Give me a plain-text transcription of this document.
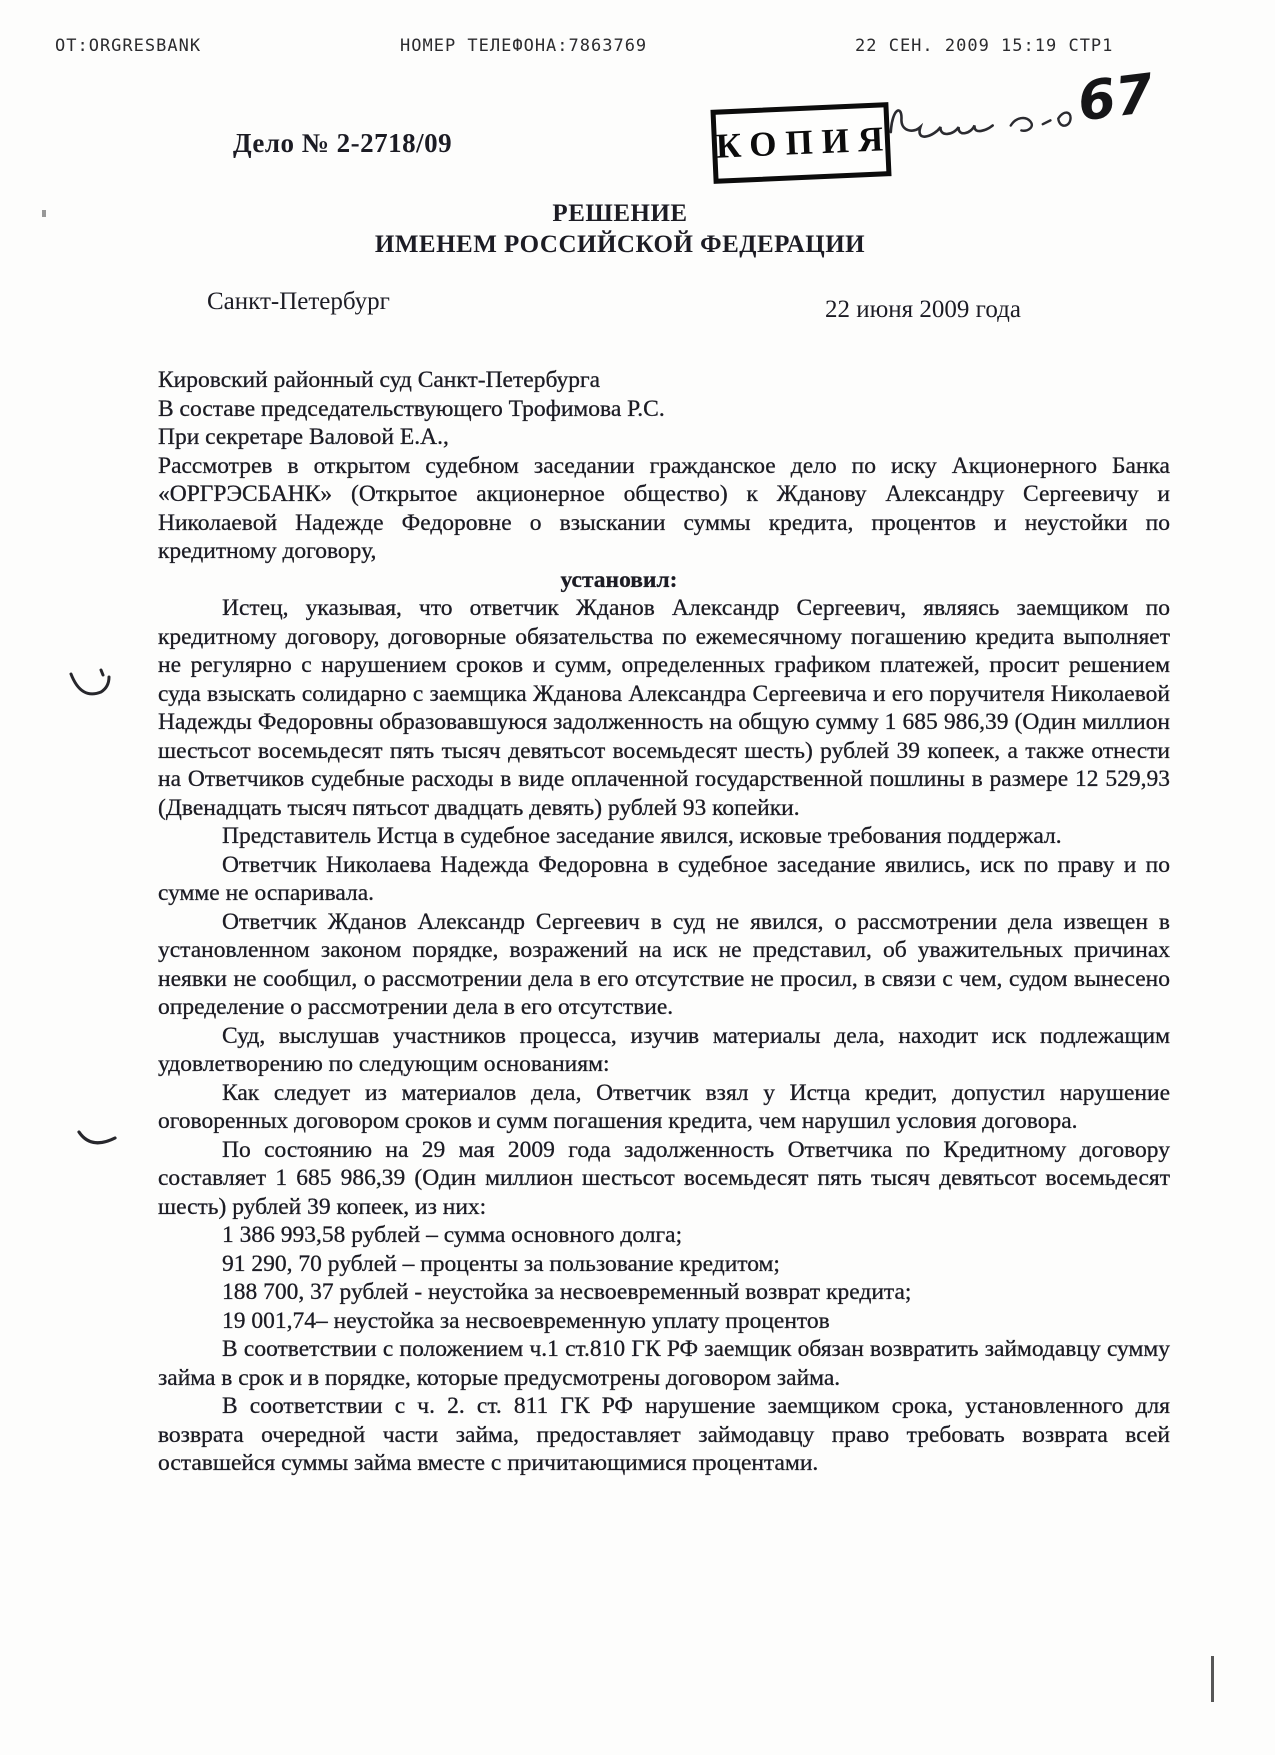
ОТ:ORGRESBANK	НОМЕР ТЕЛЕФОНА:7863769	22 СЕН. 2009 15:19 СТР1
Дело № 2-2718/09	КОПИЯ
67
РЕШЕНИЕ
ИМЕНЕМ РОССИЙСКОЙ ФЕДЕРАЦИИ
Санкт-Петербург	22 июня 2009 года

Кировский районный суд Санкт-Петербурга

В составе председательствующего Трофимова Р.С.

При секретаре Валовой Е.А.,

Рассмотрев в открытом судебном заседании гражданское дело по иску Акционерного Банка «ОРГРЭСБАНК» (Открытое акционерное общество) к Жданову Александру Сергеевичу и Николаевой Надежде Федоровне о взыскании суммы кредита, процентов и неустойки по кредитному договору,

установил:

Истец, указывая, что ответчик Жданов Александр Сергеевич, являясь заемщиком по кредитному договору, договорные обязательства по ежемесячному погашению кредита выполняет не регулярно с нарушением сроков и сумм, определенных графиком платежей, просит решением суда взыскать солидарно с заемщика Жданова Александра Сергеевича и его поручителя Николаевой Надежды Федоровны образовавшуюся задолженность на общую сумму 1 685 986,39 (Один миллион шестьсот восемьдесят пять тысяч девятьсот восемьдесят шесть) рублей 39 копеек, а также отнести на Ответчиков судебные расходы в виде оплаченной государственной пошлины в размере 12 529,93 (Двенадцать тысяч пятьсот двадцать девять) рублей 93 копейки.

Представитель Истца в судебное заседание явился, исковые требования поддержал.

Ответчик Николаева Надежда Федоровна в судебное заседание явились, иск по праву и по сумме не оспаривала.

Ответчик Жданов Александр Сергеевич в суд не явился, о рассмотрении дела извещен в установленном законом порядке, возражений на иск не представил, об уважительных причинах неявки не сообщил, о рассмотрении дела в его отсутствие не просил, в связи с чем, судом вынесено определение о рассмотрении дела в его отсутствие.

Суд, выслушав участников процесса, изучив материалы дела, находит иск подлежащим удовлетворению по следующим основаниям:

Как следует из материалов дела, Ответчик взял у Истца кредит, допустил нарушение оговоренных договором сроков и сумм погашения кредита, чем нарушил условия договора.

По состоянию на 29 мая 2009 года задолженность Ответчика по Кредитному договору составляет 1 685 986,39 (Один миллион шестьсот восемьдесят пять тысяч девятьсот восемьдесят шесть) рублей 39 копеек, из них:

1 386 993,58 рублей – сумма основного долга;

91 290, 70 рублей – проценты за пользование кредитом;

188 700, 37 рублей - неустойка за несвоевременный возврат кредита;

19 001,74– неустойка за несвоевременную уплату процентов

В соответствии с положением ч.1 ст.810 ГК РФ заемщик обязан возвратить займодавцу сумму займа в срок и в порядке, которые предусмотрены договором займа.

В соответствии с ч. 2. ст. 811 ГК РФ нарушение заемщиком срока, установленного для возврата очередной части займа, предоставляет займодавцу право требовать возврата всей оставшейся суммы займа вместе с причитающимися процентами.
